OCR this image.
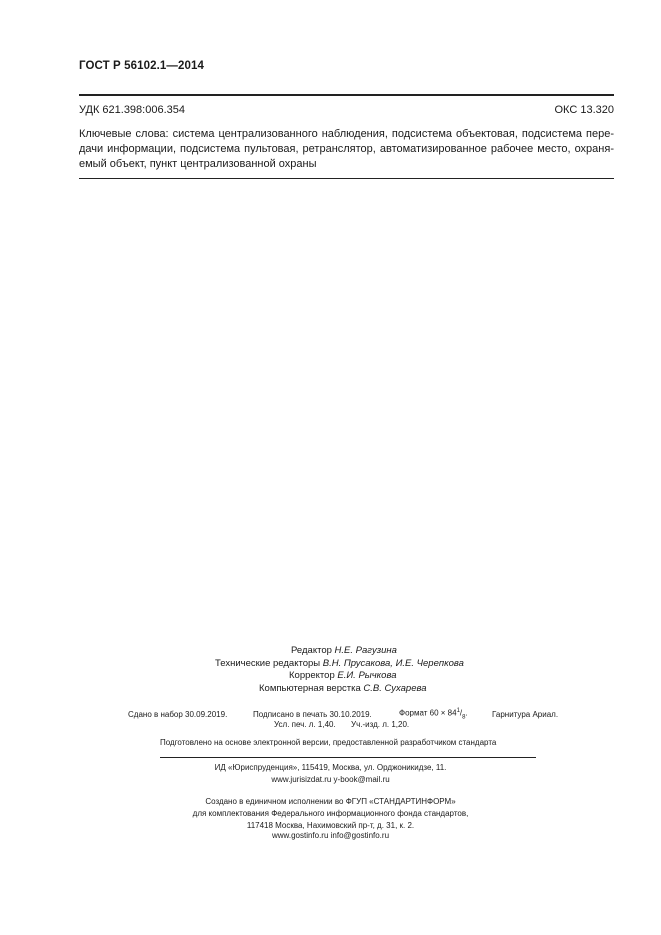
ГОСТ Р 56102.1—2014
УДК 621.398:006.354	ОКС 13.320
Ключевые слова: система централизованного наблюдения, подсистема объектовая, подсистема пере-
дачи информации, подсистема пультовая, ретранслятор, автоматизированное рабочее место, охраня-
емый объект, пункт централизованной охраны
Редактор Н.Е. Рагузина
Технические редакторы В.Н. Прусакова, И.Е. Черепкова
Корректор Е.И. Рычкова
Компьютерная верстка С.В. Сухарева
Сдано в набор 30.09.2019.	Подписано в печать 30.10.2019.	Формат $60 \times 84^1/_8$.	Гарнитура Ариал.
Усл. печ. л. 1,40. Уч.-изд. л. 1,20.
Подготовлено на основе электронной версии, предоставленной разработчиком стандарта
ИД «Юриспруденция», 115419, Москва, ул. Орджоникидзе, 11.
www.jurisizdat.ru y-book@mail.ru
Создано в единичном исполнении во ФГУП «СТАНДАРТИНФОРМ»
для комплектования Федерального информационного фонда стандартов,
117418 Москва, Нахимовский пр-т, д. 31, к. 2.
www.gostinfo.ru info@gostinfo.ru
